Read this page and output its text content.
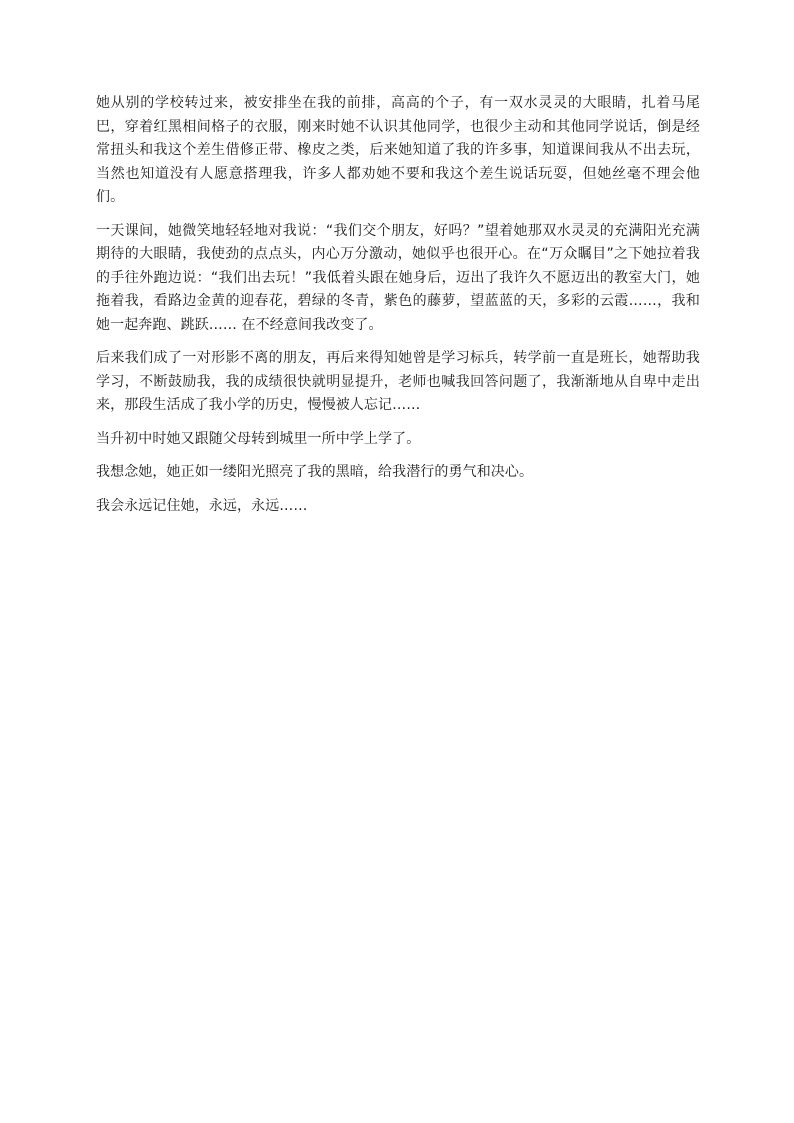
她从别的学校转过来，被安排坐在我的前排，高高的个子，有一双水灵灵的大眼睛，扎着马尾巴，穿着红黑相间格子的衣服，刚来时她不认识其他同学，也很少主动和其他同学说话，倒是经常扭头和我这个差生借修正带、橡皮之类，后来她知道了我的许多事，知道课间我从不出去玩，当然也知道没有人愿意搭理我，许多人都劝她不要和我这个差生说话玩耍，但她丝毫不理会他们。

一天课间，她微笑地轻轻地对我说：“我们交个朋友，好吗？”望着她那双水灵灵的充满阳光充满期待的大眼睛，我使劲的点点头，内心万分激动，她似乎也很开心。在“万众瞩目”之下她拉着我的手往外跑边说：“我们出去玩！”我低着头跟在她身后，迈出了我许久不愿迈出的教室大门，她拖着我，看路边金黄的迎春花，碧绿的冬青，紫色的藤萝，望蓝蓝的天，多彩的云霞……，我和她一起奔跑、跳跃…… 在不经意间我改变了。

后来我们成了一对形影不离的朋友，再后来得知她曾是学习标兵，转学前一直是班长，她帮助我学习，不断鼓励我，我的成绩很快就明显提升，老师也喊我回答问题了，我渐渐地从自卑中走出来，那段生活成了我小学的历史，慢慢被人忘记……

当升初中时她又跟随父母转到城里一所中学上学了。

我想念她，她正如一缕阳光照亮了我的黑暗，给我潜行的勇气和决心。

我会永远记住她，永远，永远……
